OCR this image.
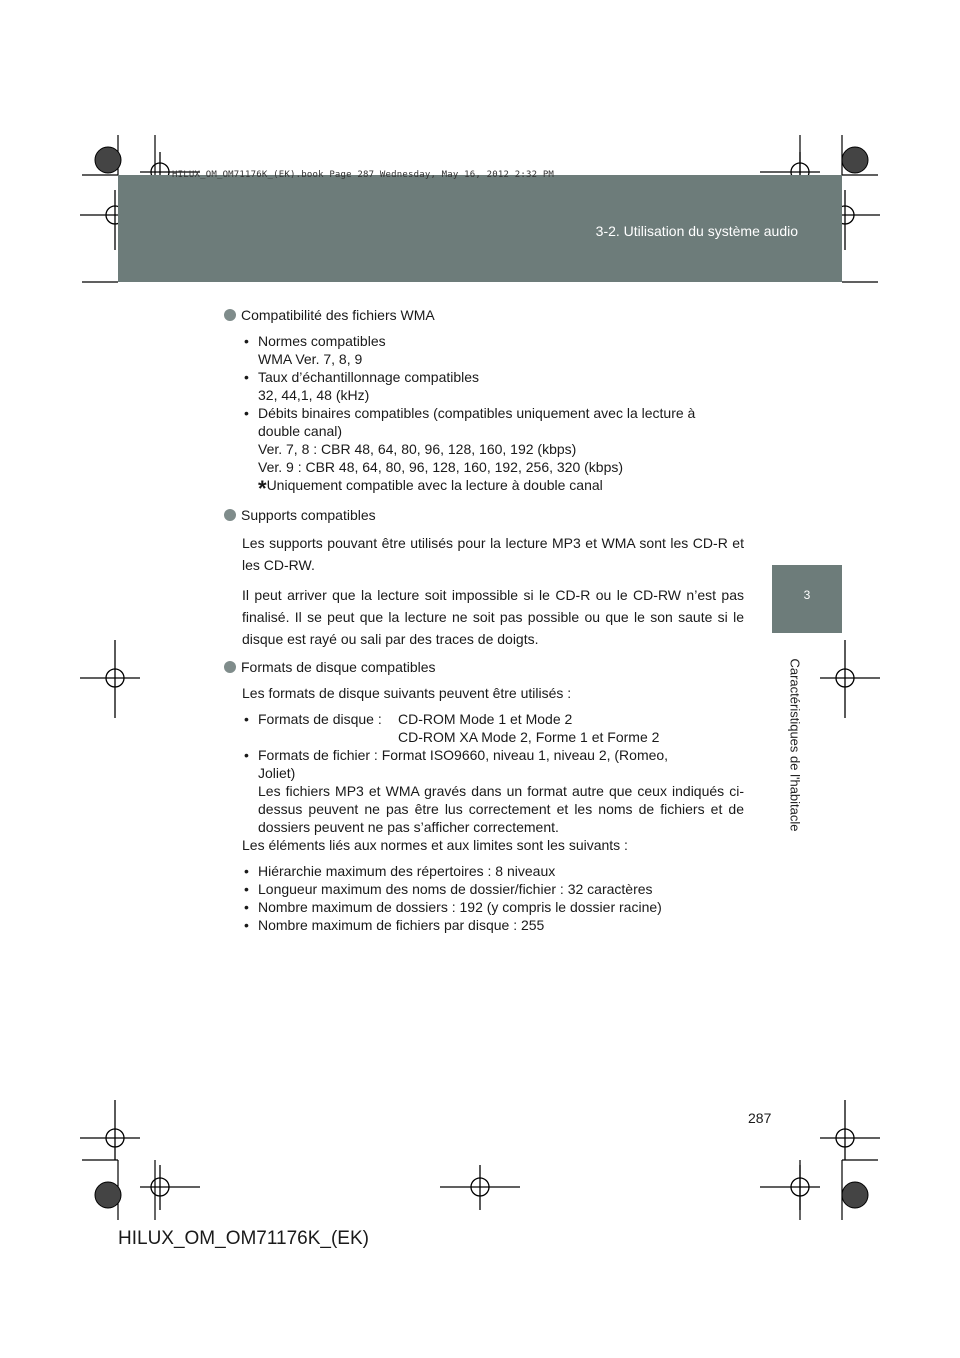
3-2. Utilisation du système audio
HILUX_OM_OM71176K_(EK).book Page 287 Wednesday, May 16, 2012 2:32 PM
3
Caractéristiques de l'habitacle
Compatibilité des fichiers WMA
• Normes compatibles
WMA Ver. 7, 8, 9
• Taux d’échantillonnage compatibles
32, 44,1, 48 (kHz)
• Débits binaires compatibles (compatibles uniquement avec la lecture à
double canal)
Ver. 7, 8 : CBR 48, 64, 80, 96, 128, 160, 192 (kbps)
Ver. 9 : CBR 48, 64, 80, 96, 128, 160, 192, 256, 320 (kbps)
*Uniquement compatible avec la lecture à double canal
Supports compatibles
Les supports pouvant être utilisés pour la lecture MP3 et WMA sont les CD-R et les CD-RW.
Il peut arriver que la lecture soit impossible si le CD-R ou le CD-RW n’est pas finalisé. Il se peut que la lecture ne soit pas possible ou que le son saute si le disque est rayé ou sali par des traces de doigts.
Formats de disque compatibles
Les formats de disque suivants peuvent être utilisés :
• Formats de disque :	CD-ROM Mode 1 et Mode 2
CD-ROM XA Mode 2, Forme 1 et Forme 2
• Formats de fichier : Format ISO9660, niveau 1, niveau 2, (Romeo,
Joliet)
Les fichiers MP3 et WMA gravés dans un format autre que ceux indiqués ci-dessus peuvent ne pas être lus correctement et les noms de fichiers et de dossiers peuvent ne pas s’afficher correctement.
Les éléments liés aux normes et aux limites sont les suivants :
• Hiérarchie maximum des répertoires : 8 niveaux
• Longueur maximum des noms de dossier/fichier : 32 caractères
• Nombre maximum de dossiers : 192 (y compris le dossier racine)
• Nombre maximum de fichiers par disque : 255
287
HILUX_OM_OM71176K_(EK)
